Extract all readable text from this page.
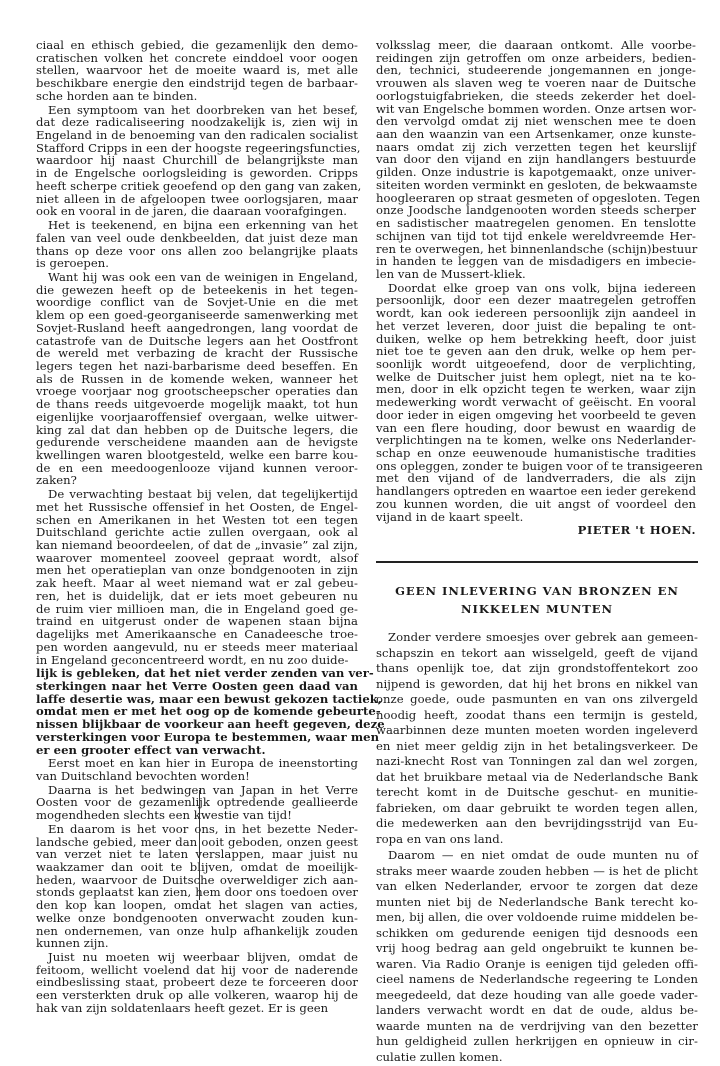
ciaal en ethisch gebied, die gezamenlijk den demo-
cratischen volken het concrete einddoel voor oogen
stellen, waarvoor het de moeite waard is, met alle
beschikbare energie den eindstrijd tegen de barbaar-
sche horden aan te binden.
Een symptoom van het doorbreken van het besef,
dat deze radicaliseering noodzakelijk is, zien wij in
Engeland in de benoeming van den radicalen socialist
Stafford Cripps in een der hoogste regeeringsfuncties,
waardoor hij naast Churchill de belangrijkste man
in de Engelsche oorlogsleiding is geworden. Cripps
heeft scherpe critiek geoefend op den gang van zaken,
niet alleen in de afgeloopen twee oorlogsjaren, maar
ook en vooral in de jaren, die daaraan voorafgingen.
Het is teekenend, en bijna een erkenning van het
falen van veel oude denkbeelden, dat juist deze man
thans op deze voor ons allen zoo belangrijke plaats
is geroepen.
Want hij was ook een van de weinigen in Engeland,
die gewezen heeft op de beteekenis in het tegen-
woordige conflict van de Sovjet-Unie en die met
klem op een goed-georganiseerde samenwerking met
Sovjet-Rusland heeft aangedrongen, lang voordat de
catastrofe van de Duitsche legers aan het Oostfront
de wereld met verbazing de kracht der Russische
legers tegen het nazi-barbarisme deed beseffen. En
als de Russen in de komende weken, wanneer het
vroege voorjaar nog grootscheepscher operaties dan
de thans reeds uitgevoerde mogelijk maakt, tot hun
eigenlijke voorjaaroffensief overgaan, welke uitwer-
king zal dat dan hebben op de Duitsche legers, die
gedurende verscheidene maanden aan de hevigste
kwellingen waren blootgesteld, welke een barre kou-
de en een meedoogenlooze vijand kunnen veroor-
zaken?
De verwachting bestaat bij velen, dat tegelijkertijd
met het Russische offensief in het Oosten, de Engel-
schen en Amerikanen in het Westen tot een tegen
Duitschland gerichte actie zullen overgaan, ook al
kan niemand beoordeelen, of dat de „invasie” zal zijn,
waarover momenteel zooveel gepraat wordt, alsof
men het operatieplan van onze bondgenooten in zijn
zak heeft. Maar al weet niemand wat er zal gebeu-
ren, het is duidelijk, dat er iets moet gebeuren nu
de ruim vier millioen man, die in Engeland goed ge-
traind en uitgerust onder de wapenen staan bijna
dagelijks met Amerikaansche en Canadeesche troe-
pen worden aangevuld, nu er steeds meer materiaal
in Engeland geconcentreerd wordt, en nu zoo duide-
lijk is gebleken, dat het niet verder zenden van ver-
sterkingen naar het Verre Oosten geen daad van
laffe desertie was, maar een bewust gekozen tactiek,
omdat men er met het oog op de komende gebeurte-
nissen blijkbaar de voorkeur aan heeft gegeven, deze
versterkingen voor Europa te bestemmen, waar men
er een grooter effect van verwacht.
Eerst moet en kan hier in Europa de ineenstorting
van Duitschland bevochten worden!
Daarna is het bedwingen van Japan in het Verre
Oosten voor de gezamenlijk optredende geallieerde
mogendheden slechts een kwestie van tijd!
En daarom is het voor ons, in het bezette Neder-
landsche gebied, meer dan ooit geboden, onzen geest
van verzet niet te laten verslappen, maar juist nu
waakzamer dan ooit te blijven, omdat de moeilijk-
heden, waarvoor de Duitsche overweldiger zich aan-
stonds geplaatst kan zien, hem door ons toedoen over
den kop kan loopen, omdat het slagen van acties,
welke onze bondgenooten onverwacht zouden kun-
nen ondernemen, van onze hulp afhankelijk zouden
kunnen zijn.
Juist nu moeten wij weerbaar blijven, omdat de
feitoom, wellicht voelend dat hij voor de naderende
eindbeslissing staat, probeert deze te forceeren door
een versterkten druk op alle volkeren, waarop hij de
hak van zijn soldatenlaars heeft gezet. Er is geen
volksslag meer, die daaraan ontkomt. Alle voorbe-
reidingen zijn getroffen om onze arbeiders, bedien-
den, technici, studeerende jongemannen en jonge-
vrouwen als slaven weg te voeren naar de Duitsche
oorlogstuigfabrieken, die steeds zekerder het doel-
wit van Engelsche bommen worden. Onze artsen wor-
den vervolgd omdat zij niet wenschen mee te doen
aan den waanzin van een Artsenkamer, onze kunste-
naars omdat zij zich verzetten tegen het keurslijf
van door den vijand en zijn handlangers bestuurde
gilden. Onze industrie is kapotgemaakt, onze univer-
siteiten worden verminkt en gesloten, de bekwaamste
hoogleeraren op straat gesmeten of opgesloten. Tegen
onze Joodsche landgenooten worden steeds scherper
en sadistischer maatregelen genomen. En tenslotte
schijnen van tijd tot tijd enkele wereldvreemde Her-
ren te overwegen, het binnenlandsche (schijn)bestuur
in handen te leggen van de misdadigers en imbecie-
len van de Mussert-kliek.
Doordat elke groep van ons volk, bijna iedereen
persoonlijk, door een dezer maatregelen getroffen
wordt, kan ook iedereen persoonlijk zijn aandeel in
het verzet leveren, door juist die bepaling te ont-
duiken, welke op hem betrekking heeft, door juist
niet toe te geven aan den druk, welke op hem per-
soonlijk wordt uitgeoefend, door de verplichting,
welke de Duitscher juist hem oplegt, niet na te ko-
men, door in elk opzicht tegen te werken, waar zijn
medewerking wordt verwacht of geëischt. En vooral
door ieder in eigen omgeving het voorbeeld te geven
van een flere houding, door bewust en waardig de
verplichtingen na te komen, welke ons Nederlander-
schap en onze eeuwenoude humanistische tradities
ons opleggen, zonder te buigen voor of te transigeeren
met den vijand of de landverraders, die als zijn
handlangers optreden en waartoe een ieder gerekend
zou kunnen worden, die uit angst of voordeel den
vijand in de kaart speelt.
PIETER 't HOEN.
GEEN INLEVERING VAN BRONZEN EN
NIKKELEN MUNTEN
Zonder verdere smoesjes over gebrek aan gemeen-
schapszin en tekort aan wisselgeld, geeft de vijand
thans openlijk toe, dat zijn grondstoffentekort zoo
nijpend is geworden, dat hij het brons en nikkel van
onze goede, oude pasmunten en van ons zilvergeld
noodig heeft, zoodat thans een termijn is gesteld,
waarbinnen deze munten moeten worden ingeleverd
en niet meer geldig zijn in het betalingsverkeer. De
nazi-knecht Rost van Tonningen zal dan wel zorgen,
dat het bruikbare metaal via de Nederlandsche Bank
terecht komt in de Duitsche geschut- en munitie-
fabrieken, om daar gebruikt te worden tegen allen,
die medewerken aan den bevrijdingsstrijd van Eu-
ropa en van ons land.
Daarom — en niet omdat de oude munten nu of
straks meer waarde zouden hebben — is het de plicht
van elken Nederlander, ervoor te zorgen dat deze
munten niet bij de Nederlandsche Bank terecht ko-
men, bij allen, die over voldoende ruime middelen be-
schikken om gedurende eenigen tijd desnoods een
vrij hoog bedrag aan geld ongebruikt te kunnen be-
waren. Via Radio Oranje is eenigen tijd geleden offi-
cieel namens de Nederlandsche regeering te Londen
meegedeeld, dat deze houding van alle goede vader-
landers verwacht wordt en dat de oude, aldus be-
waarde munten na de verdrijving van den bezetter
hun geldigheid zullen herkrijgen en opnieuw in cir-
culatie zullen komen.
